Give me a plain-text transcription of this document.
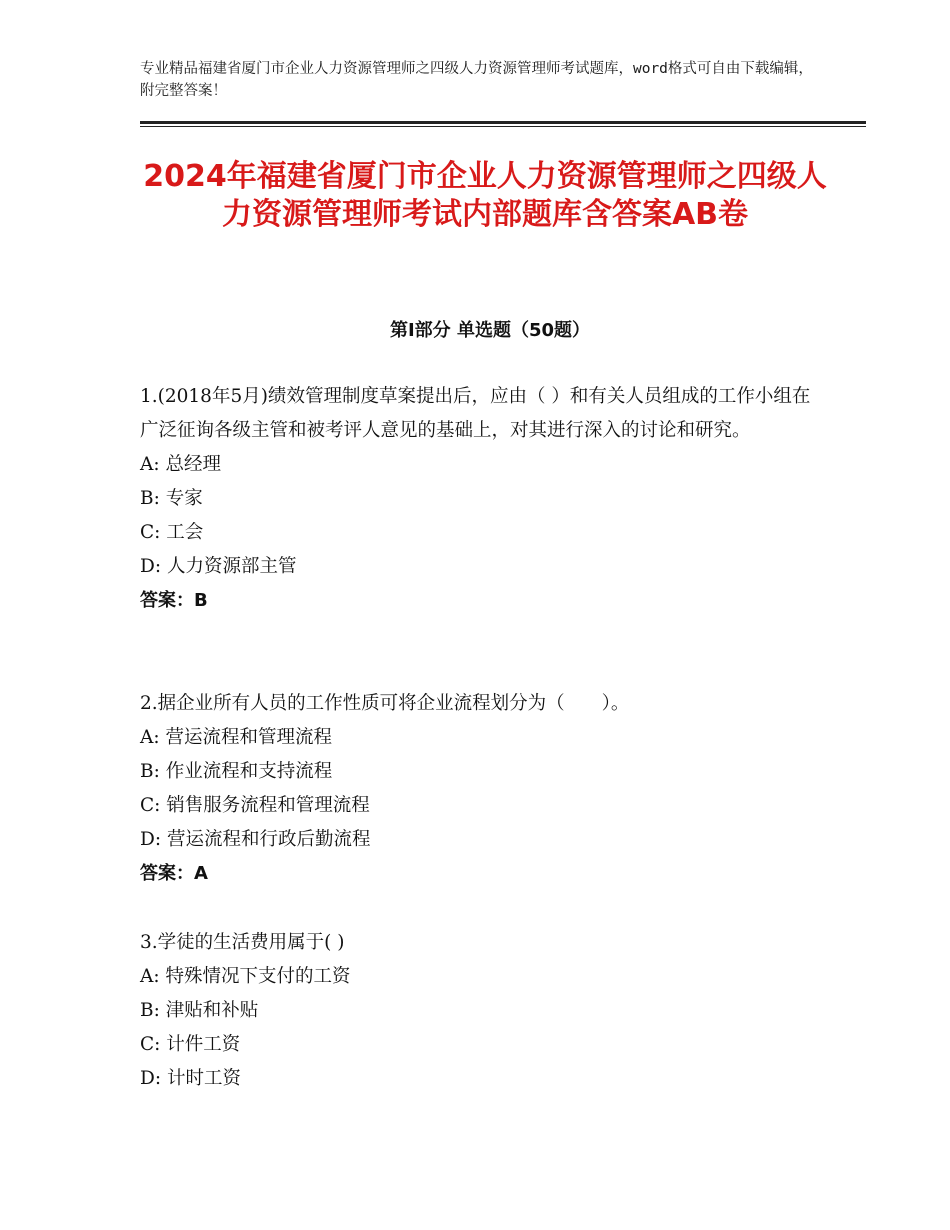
专业精品福建省厦门市企业人力资源管理师之四级人力资源管理师考试题库，word格式可自由下载编辑，附完整答案！
2024年福建省厦门市企业人力资源管理师之四级人力资源管理师考试内部题库含答案AB卷
第Ⅰ部分 单选题（50题）

1.(2018年5月)绩效管理制度草案提出后，应由（ ）和有关人员组成的工作小组在广泛征询各级主管和被考评人意见的基础上，对其进行深入的讨论和研究。

A: 总经理

B: 专家

C: 工会

D: 人力资源部主管

答案：B

2.据企业所有人员的工作性质可将企业流程划分为（　　）。

A: 营运流程和管理流程

B: 作业流程和支持流程

C: 销售服务流程和管理流程

D: 营运流程和行政后勤流程

答案：A

3.学徒的生活费用属于( )

A: 特殊情况下支付的工资

B: 津贴和补贴

C: 计件工资

D: 计时工资
